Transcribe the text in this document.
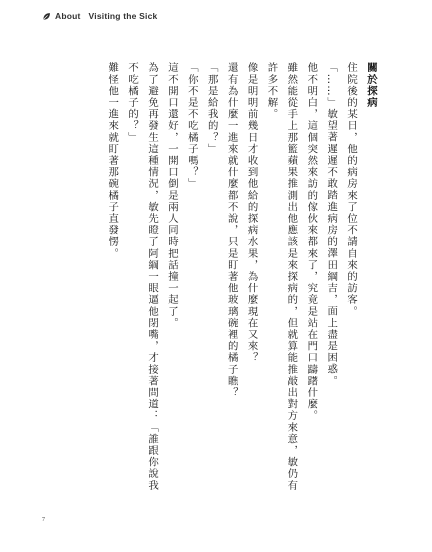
About Visiting the Sick

關於探病

住院後的某日，他的病房來了位不請自來的訪客。

「……」敏望著遲遲不敢踏進病房的澤田綱吉，面上盡是困惑。

他不明白，這個突然來訪的傢伙來都來了，究竟是站在門口躊躇什麼。

雖然能從手上那籃蘋果推測出他應該是來探病的，但就算能推敲出對方來意，敏仍有許多不解。

像是明明前幾日才收到他給的探病水果，為什麼現在又來？

還有為什麼一進來就什麼都不說，只是盯著他玻璃碗裡的橘子瞧？

「那是給我的？」

「你不是不吃橘子嗎？」

這不開口還好，一開口倒是兩人同時把話撞一起了。

為了避免再發生這種情況，敏先瞪了阿綱一眼逼他閉嘴，才接著問道：「誰跟你說我不吃橘子的？」

難怪他一進來就盯著那碗橘子直發愣。

7
